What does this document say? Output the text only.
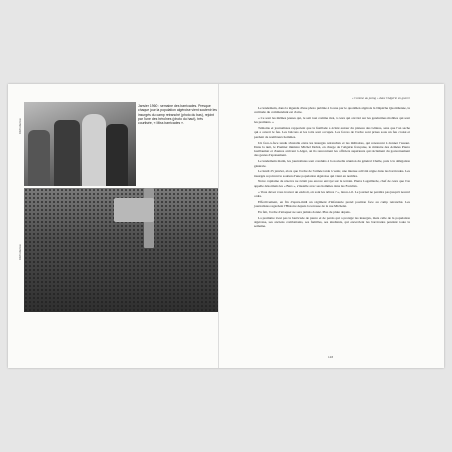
Janvier 1960 : semaine des barricades. Presque chaque jour la population algéroise vient soutenir les insurgés du camp retranché (photo du bas), rejoint par l'une des héroïnes (photo du haut), très courtisée, « Miss barricades ».

DR/Collection
DR/Collection

« Comme au poing » dans l'Algérie en guerre

Le lendemain, dans la légende d'une photo publiée à la une par le quotidien algérois la Dépêche Quotidienne, la certitude du commandant est claire.

« Ce sont les mêmes jeunes qui, le sait tout comme moi, à ceux qui ont tiré sur les gendarmes mobiles qui sont les premiers. »

Témoins et journalistes rapportent que la fusillade a éclaté autour du plateau des Glières, sans que l'on sache qui a ouvert le feu. Les balcons et les toits sont occupés. Les forces de l'ordre sont prises sous un feu croisé et perdent de nombreux hommes.

Un face-à-face tendu s'installe entre les insurgés retranchés et les militaires, qui renoncent à donner l'assaut. Dans la nuit, le Premier ministre Michel Debré, en charge de l'Algérie française, le ministre des Armées Pierre Guillaumat et d'autres arrivent à Alger, où ils rencontrent les officiers supérieurs qui réclament du gouvernement des gestes d'apaisement.

Le lendemain matin, les journalistes sont conduits à la nouvelle réunion du général Challe, puis à la délégation générale.

Le lundi 25 janvier, alors que l'ordre de l'armée tarde à venir, une intense activité règne dans les barricades. Les insurgés reçoivent le soutien d'une population algéroise qui vient en nombre.

Notre capitaine de réserve ne s'était pas encore envoyé sur le terrain. Pierre Lagaillarde, chef de ceux que l'on appelle désormais les « Bars », s'installe avec ses hommes dans les Facultés.

« Vous devez vous trouver un endroit, où sont les nôtres ? », lance-t-il. Le journal ne paraîtra pas jusqu'à nouvel ordre.

Effectivement, en fin d'après-midi un régiment d'infanterie prend position face au camp retranché. Les journalistes regardent l'Histoire depuis la terrasse de la rue Michelet.

En fait, l'ordre d'attaquer ne sera jamais donné. Plus de pluie depuis.

La première n'est pas la barricade de pierre et de pavés qui a protégé les insurgés, mais celle de la population algéroise, ses anciens combattants, ses familles, ses étudiants, qui encerclent les barricades pendant toute la semaine.

143
